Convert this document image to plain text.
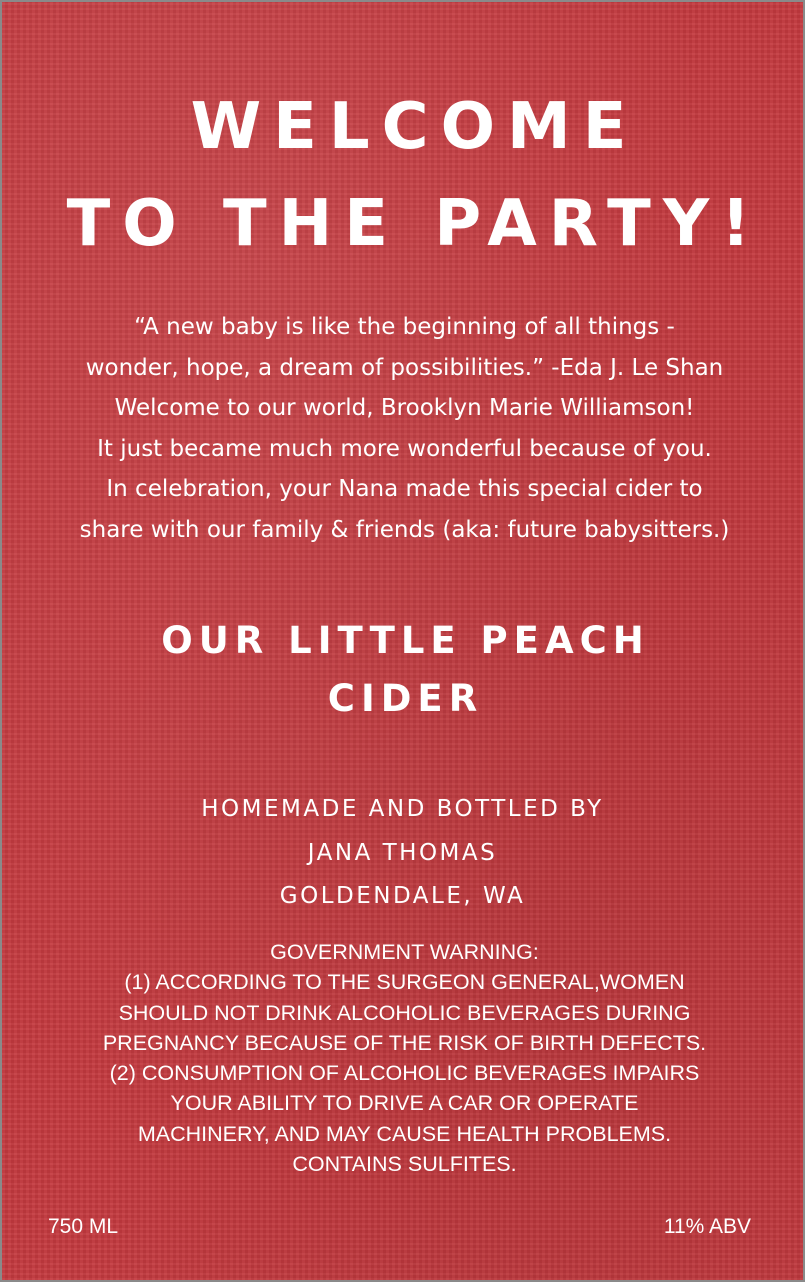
WELCOME
TO THE PARTY!
“A new baby is like the beginning of all things -
wonder, hope, a dream of possibilities.” -Eda J. Le Shan
Welcome to our world, Brooklyn Marie Williamson!
It just became much more wonderful because of you.
In celebration, your Nana made this special cider to
share with our family & friends (aka: future babysitters.)
OUR LITTLE PEACH
CIDER
HOMEMADE AND BOTTLED BY
JANA THOMAS
GOLDENDALE, WA
GOVERNMENT WARNING:
(1) ACCORDING TO THE SURGEON GENERAL,WOMEN
SHOULD NOT DRINK ALCOHOLIC BEVERAGES DURING
PREGNANCY BECAUSE OF THE RISK OF BIRTH DEFECTS.
(2) CONSUMPTION OF ALCOHOLIC BEVERAGES IMPAIRS
YOUR ABILITY TO DRIVE A CAR OR OPERATE
MACHINERY, AND MAY CAUSE HEALTH PROBLEMS.
CONTAINS SULFITES.
750 ML	11% ABV
